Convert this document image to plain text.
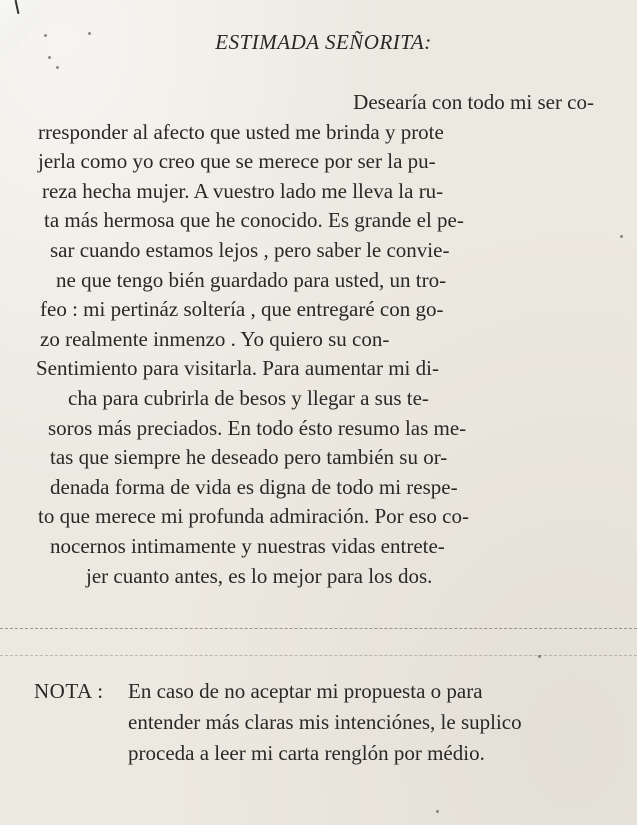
ESTIMADA SEÑORITA:
Desearía con todo mi ser co-
rresponder al afecto que usted me brinda y prote
jerla como yo creo que se merece por ser la pu-
reza hecha mujer. A vuestro lado me lleva la ru-
ta más hermosa que he conocido. Es grande el pe-
sar cuando estamos lejos , pero saber le convie-
ne que tengo bién guardado para usted, un tro-
feo : mi pertináz soltería , que entregaré con go-
zo realmente inmenzo . Yo quiero su con-
Sentimiento para visitarla. Para aumentar mi di-
cha para cubrirla de besos y llegar a sus te-
soros más preciados. En todo ésto resumo las me-
tas que siempre he deseado pero también su or-
denada forma de vida es digna de todo mi respe-
to que merece mi profunda admiración. Por eso co-
nocernos intimamente y nuestras vidas entrete-
jer cuanto antes, es lo mejor para los dos.
NOTA : En caso de no aceptar mi propuesta o para
entender más claras mis intenciónes, le suplico
proceda a leer mi carta renglón por médio.
